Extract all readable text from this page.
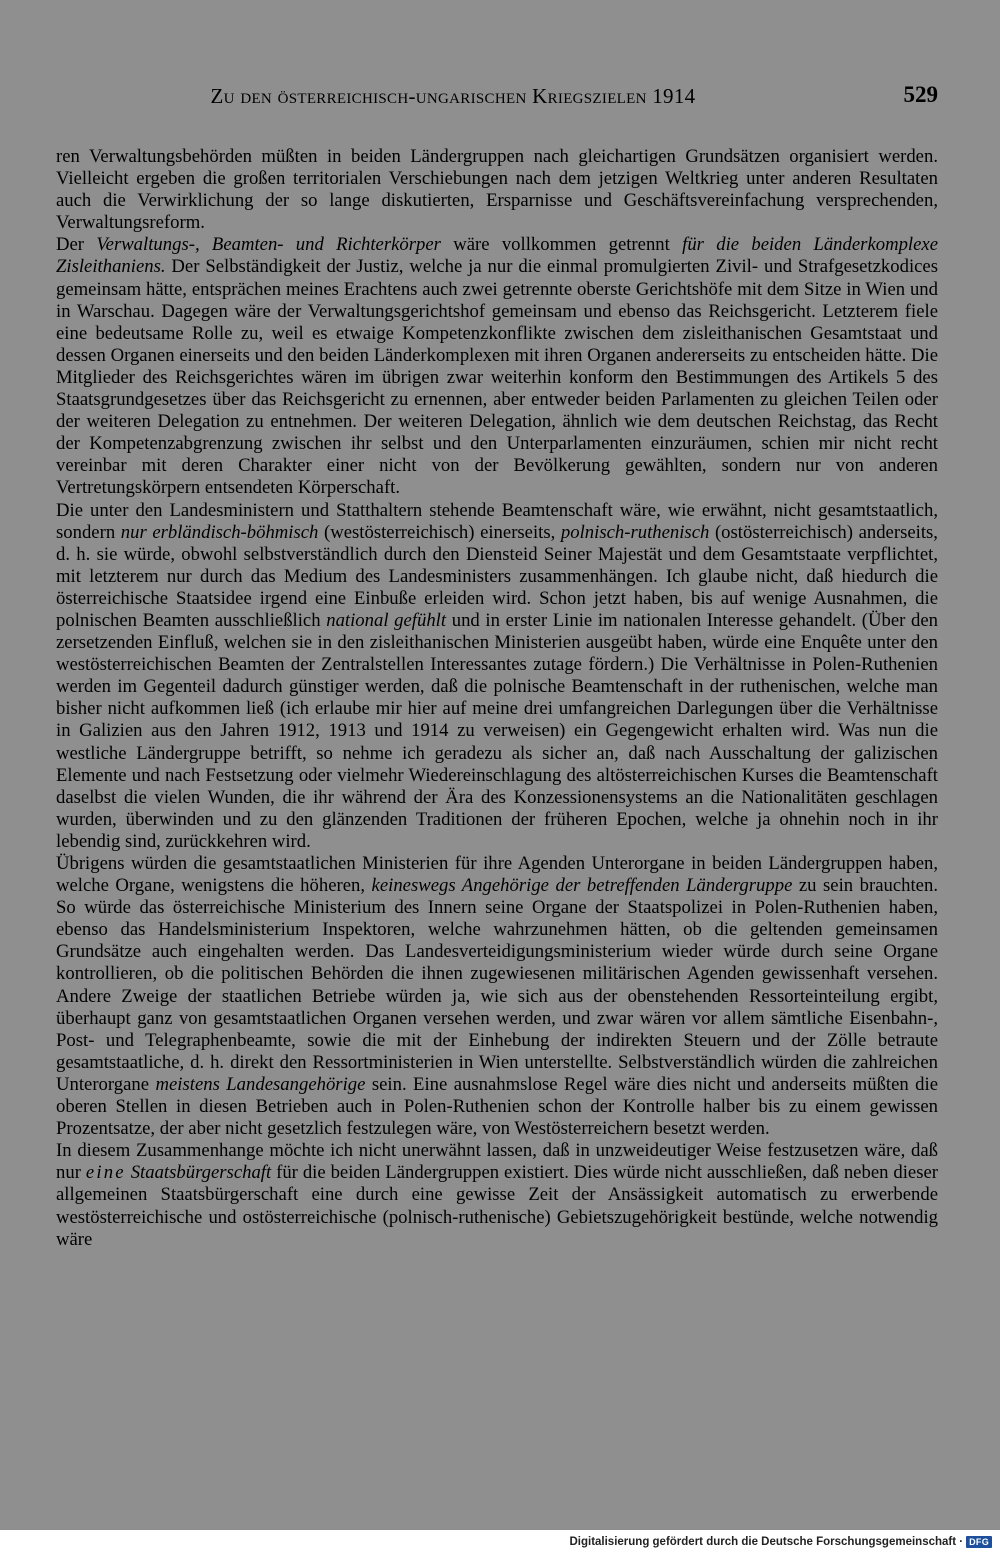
Zu den österreichisch-ungarischen Kriegszielen 1914	529

ren Verwaltungsbehörden müßten in beiden Ländergruppen nach gleichartigen Grundsätzen organisiert werden. Vielleicht ergeben die großen territorialen Verschiebungen nach dem jetzigen Weltkrieg unter anderen Resultaten auch die Verwirklichung der so lange diskutierten, Ersparnisse und Geschäftsvereinfachung versprechenden, Verwaltungsreform.

Der Verwaltungs-, Beamten- und Richterkörper wäre vollkommen getrennt für die beiden Länderkomplexe Zisleithaniens. Der Selbständigkeit der Justiz, welche ja nur die einmal promulgierten Zivil- und Strafgesetzkodices gemeinsam hätte, entsprächen meines Erachtens auch zwei getrennte oberste Gerichtshöfe mit dem Sitze in Wien und in Warschau. Dagegen wäre der Verwaltungsgerichtshof gemeinsam und ebenso das Reichsgericht. Letzterem fiele eine bedeutsame Rolle zu, weil es etwaige Kompetenzkonflikte zwischen dem zisleithanischen Gesamtstaat und dessen Organen einerseits und den beiden Länderkomplexen mit ihren Organen andererseits zu entscheiden hätte. Die Mitglieder des Reichsgerichtes wären im übrigen zwar weiterhin konform den Bestimmungen des Artikels 5 des Staatsgrundgesetzes über das Reichsgericht zu ernennen, aber entweder beiden Parlamenten zu gleichen Teilen oder der weiteren Delegation zu entnehmen. Der weiteren Delegation, ähnlich wie dem deutschen Reichstag, das Recht der Kompetenzabgrenzung zwischen ihr selbst und den Unterparlamenten einzuräumen, schien mir nicht recht vereinbar mit deren Charakter einer nicht von der Bevölkerung gewählten, sondern nur von anderen Vertretungskörpern entsendeten Körperschaft.

Die unter den Landesministern und Statthaltern stehende Beamtenschaft wäre, wie erwähnt, nicht gesamtstaatlich, sondern nur erbländisch-böhmisch (westösterreichisch) einerseits, polnisch-ruthenisch (ostösterreichisch) anderseits, d. h. sie würde, obwohl selbstverständlich durch den Diensteid Seiner Majestät und dem Gesamtstaate verpflichtet, mit letzterem nur durch das Medium des Landesministers zusammenhängen. Ich glaube nicht, daß hiedurch die österreichische Staatsidee irgend eine Einbuße erleiden wird. Schon jetzt haben, bis auf wenige Ausnahmen, die polnischen Beamten ausschließlich national gefühlt und in erster Linie im nationalen Interesse gehandelt. (Über den zersetzenden Einfluß, welchen sie in den zisleithanischen Ministerien ausgeübt haben, würde eine Enquête unter den westösterreichischen Beamten der Zentralstellen Interessantes zutage fördern.) Die Verhältnisse in Polen-Ruthenien werden im Gegenteil dadurch günstiger werden, daß die polnische Beamtenschaft in der ruthenischen, welche man bisher nicht aufkommen ließ (ich erlaube mir hier auf meine drei umfangreichen Darlegungen über die Verhältnisse in Galizien aus den Jahren 1912, 1913 und 1914 zu verweisen) ein Gegengewicht erhalten wird. Was nun die westliche Ländergruppe betrifft, so nehme ich geradezu als sicher an, daß nach Ausschaltung der galizischen Elemente und nach Festsetzung oder vielmehr Wiedereinschlagung des altösterreichischen Kurses die Beamtenschaft daselbst die vielen Wunden, die ihr während der Ära des Konzessionensystems an die Nationalitäten geschlagen wurden, überwinden und zu den glänzenden Traditionen der früheren Epochen, welche ja ohnehin noch in ihr lebendig sind, zurückkehren wird.

Übrigens würden die gesamtstaatlichen Ministerien für ihre Agenden Unterorgane in beiden Ländergruppen haben, welche Organe, wenigstens die höheren, keineswegs Angehörige der betreffenden Ländergruppe zu sein brauchten. So würde das österreichische Ministerium des Innern seine Organe der Staatspolizei in Polen-Ruthenien haben, ebenso das Handelsministerium Inspektoren, welche wahrzunehmen hätten, ob die geltenden gemeinsamen Grundsätze auch eingehalten werden. Das Landesverteidigungsministerium wieder würde durch seine Organe kontrollieren, ob die politischen Behörden die ihnen zugewiesenen militärischen Agenden gewissenhaft versehen. Andere Zweige der staatlichen Betriebe würden ja, wie sich aus der obenstehenden Ressorteinteilung ergibt, überhaupt ganz von gesamtstaatlichen Organen versehen werden, und zwar wären vor allem sämtliche Eisenbahn-, Post- und Telegraphenbeamte, sowie die mit der Einhebung der indirekten Steuern und der Zölle betraute gesamtstaatliche, d. h. direkt den Ressortministerien in Wien unterstellte. Selbstverständlich würden die zahlreichen Unterorgane meistens Landesangehörige sein. Eine ausnahmslose Regel wäre dies nicht und anderseits müßten die oberen Stellen in diesen Betrieben auch in Polen-Ruthenien schon der Kontrolle halber bis zu einem gewissen Prozentsatze, der aber nicht gesetzlich festzulegen wäre, von Westösterreichern besetzt werden.

In diesem Zusammenhange möchte ich nicht unerwähnt lassen, daß in unzweideutiger Weise festzusetzen wäre, daß nur eine Staatsbürgerschaft für die beiden Ländergruppen existiert. Dies würde nicht ausschließen, daß neben dieser allgemeinen Staatsbürgerschaft eine durch eine gewisse Zeit der Ansässigkeit automatisch zu erwerbende westösterreichische und ostösterreichische (polnisch-ruthenische) Gebietszugehörigkeit bestünde, welche notwendig wäre

Digitalisierung gefördert durch die Deutsche Forschungsgemeinschaft · DFG
